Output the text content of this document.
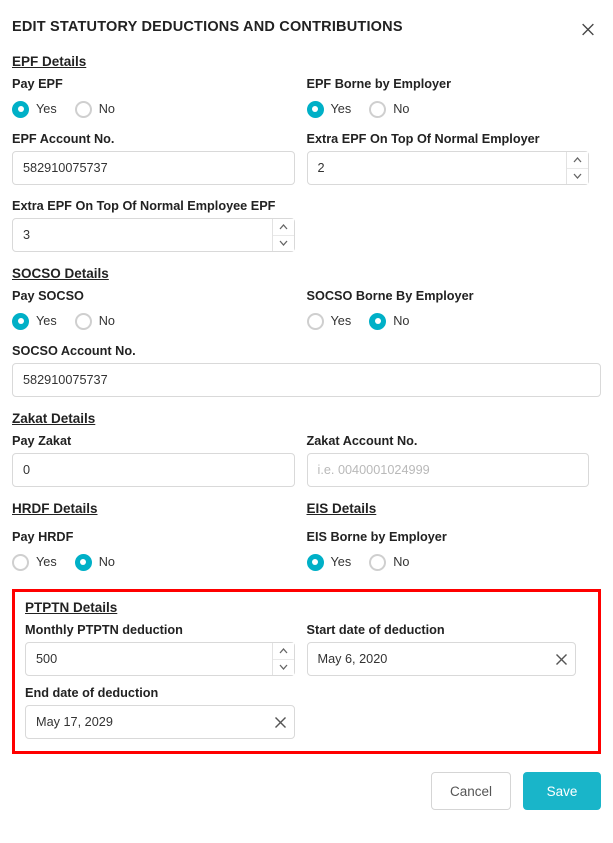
EDIT STATUTORY DEDUCTIONS AND CONTRIBUTIONS
EPF Details
Pay EPF
Yes	No
EPF Borne by Employer
Yes	No
EPF Account No.
582910075737
Extra EPF On Top Of Normal Employer
2
Extra EPF On Top Of Normal Employee EPF
3
SOCSO Details
Pay SOCSO
Yes	No
SOCSO Borne By Employer
Yes	No
SOCSO Account No.
582910075737
Zakat Details
Pay Zakat
0
Zakat Account No.
i.e. 0040001024999
HRDF Details	EIS Details
Pay HRDF
Yes	No
EIS Borne by Employer
Yes	No
PTPTN Details
Monthly PTPTN deduction
500
Start date of deduction
May 6, 2020
End date of deduction
May 17, 2029
Cancel	Save
